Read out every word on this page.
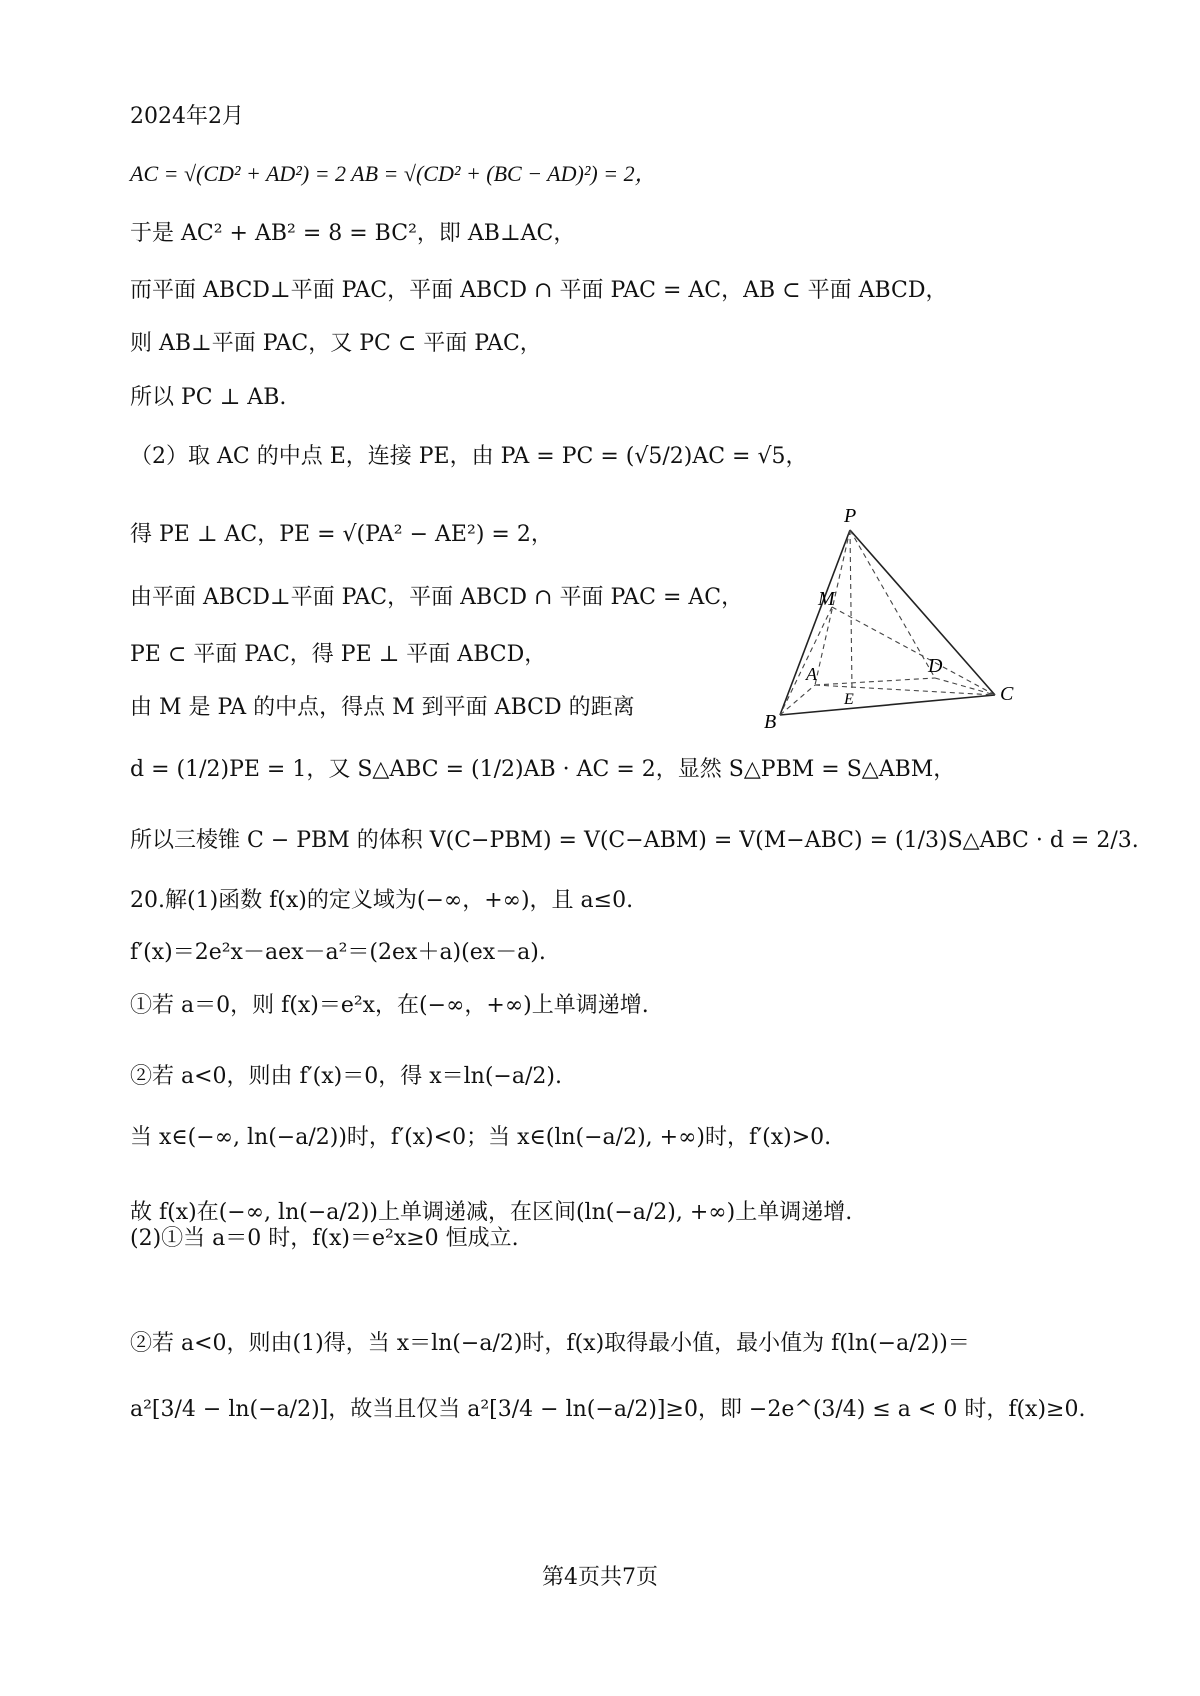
2024年2月
AC = √(CD² + AD²) = 2 AB = √(CD² + (BC − AD)²) = 2，
于是 AC² + AB² = 8 = BC²，即 AB⊥AC，
而平面 ABCD⊥平面 PAC，平面 ABCD ∩ 平面 PAC = AC，AB ⊂ 平面 ABCD，
则 AB⊥平面 PAC，又 PC ⊂ 平面 PAC，
所以 PC ⊥ AB.
（2）取 AC 的中点 E，连接 PE，由 PA = PC = (√5/2)AC = √5，
得 PE ⊥ AC，PE = √(PA² − AE²) = 2，
由平面 ABCD⊥平面 PAC，平面 ABCD ∩ 平面 PAC = AC，
PE ⊂ 平面 PAC，得 PE ⊥ 平面 ABCD，
由 M 是 PA 的中点，得点 M 到平面 ABCD 的距离
d = (1/2)PE = 1，又 S△ABC = (1/2)AB · AC = 2，显然 S△PBM = S△ABM，
所以三棱锥 C − PBM 的体积 V(C−PBM) = V(C−ABM) = V(M−ABC) = (1/3)S△ABC · d = 2/3.
20.解(1)函数 f(x)的定义域为(−∞，+∞)，且 a≤0.
f′(x)＝2e²x－aex－a²＝(2ex＋a)(ex－a).
①若 a＝0，则 f(x)＝e²x，在(−∞，+∞)上单调递增.
②若 a<0，则由 f′(x)＝0，得 x＝ln(−a/2).
当 x∈(−∞, ln(−a/2))时，f′(x)<0；当 x∈(ln(−a/2), +∞)时，f′(x)>0.
故 f(x)在(−∞, ln(−a/2))上单调递减，在区间(ln(−a/2), +∞)上单调递增.
(2)①当 a＝0 时，f(x)＝e²x≥0 恒成立.
②若 a<0，则由(1)得，当 x＝ln(−a/2)时，f(x)取得最小值，最小值为 f(ln(−a/2))＝
a²[3/4 − ln(−a/2)]，故当且仅当 a²[3/4 − ln(−a/2)]≥0，即 −2e^(3/4) ≤ a < 0 时，f(x)≥0.
P
M
A	D
E
B
C
第4页共7页
